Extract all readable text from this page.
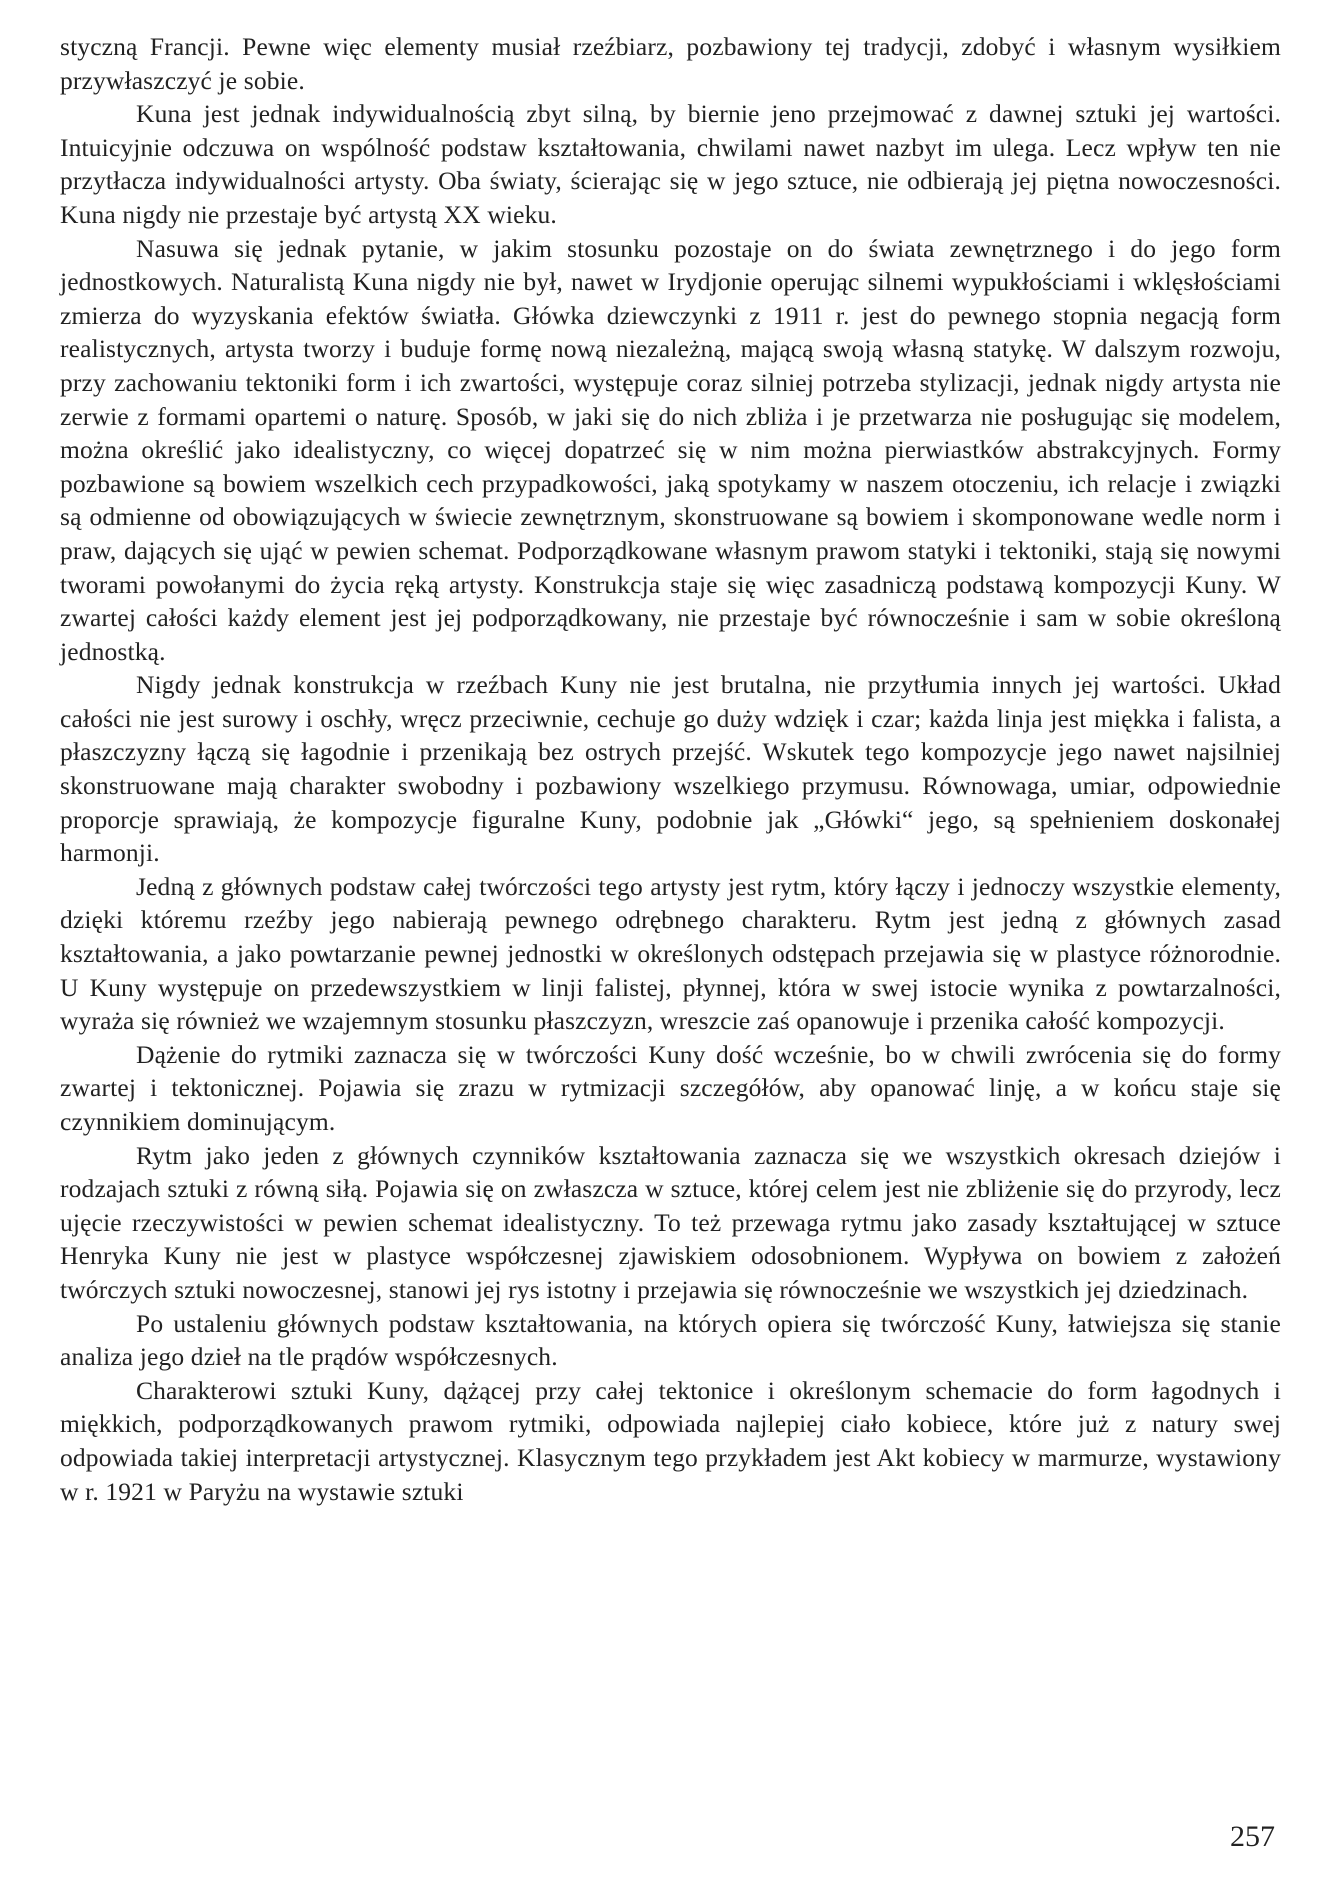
styczną Francji. Pewne więc elementy musiał rzeźbiarz, pozbawiony tej tradycji, zdobyć i własnym wysiłkiem przywłaszczyć je sobie.

Kuna jest jednak indywidualnością zbyt silną, by biernie jeno przejmować z dawnej sztuki jej wartości. Intuicyjnie odczuwa on wspólność podstaw kształtowania, chwilami nawet nazbyt im ulega. Lecz wpływ ten nie przytłacza indywidualności artysty. Oba światy, ścierając się w jego sztuce, nie odbierają jej piętna nowoczesności. Kuna nigdy nie przestaje być artystą XX wieku.

Nasuwa się jednak pytanie, w jakim stosunku pozostaje on do świata zewnętrznego i do jego form jednostkowych. Naturalistą Kuna nigdy nie był, nawet w Irydjonie operując silnemi wypukłościami i wklęsłościami zmierza do wyzyskania efektów światła. Główka dziewczynki z 1911 r. jest do pewnego stopnia negacją form realistycznych, artysta tworzy i buduje formę nową niezależną, mającą swoją własną statykę. W dalszym rozwoju, przy zachowaniu tektoniki form i ich zwartości, występuje coraz silniej potrzeba stylizacji, jednak nigdy artysta nie zerwie z formami opartemi o naturę. Sposób, w jaki się do nich zbliża i je przetwarza nie posługując się modelem, można określić jako idealistyczny, co więcej dopatrzeć się w nim można pierwiastków abstrakcyjnych. Formy pozbawione są bowiem wszelkich cech przypadkowości, jaką spotykamy w naszem otoczeniu, ich relacje i związki są odmienne od obowiązujących w świecie zewnętrznym, skonstruowane są bowiem i skomponowane wedle norm i praw, dających się ująć w pewien schemat. Podporządkowane własnym prawom statyki i tektoniki, stają się nowymi tworami powołanymi do życia ręką artysty. Konstrukcja staje się więc zasadniczą podstawą kompozycji Kuny. W zwartej całości każdy element jest jej podporządkowany, nie przestaje być równocześnie i sam w sobie określoną jednostką.

Nigdy jednak konstrukcja w rzeźbach Kuny nie jest brutalna, nie przytłumia innych jej wartości. Układ całości nie jest surowy i oschły, wręcz przeciwnie, cechuje go duży wdzięk i czar; każda linja jest miękka i falista, a płaszczyzny łączą się łagodnie i przenikają bez ostrych przejść. Wskutek tego kompozycje jego nawet najsilniej skonstruowane mają charakter swobodny i pozbawiony wszelkiego przymusu. Równowaga, umiar, odpowiednie proporcje sprawiają, że kompozycje figuralne Kuny, podobnie jak „Główki“ jego, są spełnieniem doskonałej harmonji.

Jedną z głównych podstaw całej twórczości tego artysty jest rytm, który łączy i jednoczy wszystkie elementy, dzięki któremu rzeźby jego nabierają pewnego odrębnego charakteru. Rytm jest jedną z głównych zasad kształtowania, a jako powtarzanie pewnej jednostki w określonych odstępach przejawia się w plastyce różnorodnie. U Kuny występuje on przedewszystkiem w linji falistej, płynnej, która w swej istocie wynika z powtarzalności, wyraża się również we wzajemnym stosunku płaszczyzn, wreszcie zaś opanowuje i przenika całość kompozycji.

Dążenie do rytmiki zaznacza się w twórczości Kuny dość wcześnie, bo w chwili zwrócenia się do formy zwartej i tektonicznej. Pojawia się zrazu w rytmizacji szczegółów, aby opanować linję, a w końcu staje się czynnikiem dominującym.

Rytm jako jeden z głównych czynników kształtowania zaznacza się we wszystkich okresach dziejów i rodzajach sztuki z równą siłą. Pojawia się on zwłaszcza w sztuce, której celem jest nie zbliżenie się do przyrody, lecz ujęcie rzeczywistości w pewien schemat idealistyczny. To też przewaga rytmu jako zasady kształtującej w sztuce Henryka Kuny nie jest w plastyce współczesnej zjawiskiem odosobnionem. Wypływa on bowiem z założeń twórczych sztuki nowoczesnej, stanowi jej rys istotny i przejawia się równocześnie we wszystkich jej dziedzinach.

Po ustaleniu głównych podstaw kształtowania, na których opiera się twórczość Kuny, łatwiejsza się stanie analiza jego dzieł na tle prądów współczesnych.

Charakterowi sztuki Kuny, dążącej przy całej tektonice i określonym schemacie do form łagodnych i miękkich, podporządkowanych prawom rytmiki, odpowiada najlepiej ciało kobiece, które już z natury swej odpowiada takiej interpretacji artystycznej. Klasycznym tego przykładem jest Akt kobiecy w marmurze, wystawiony w r. 1921 w Paryżu na wystawie sztuki

257
